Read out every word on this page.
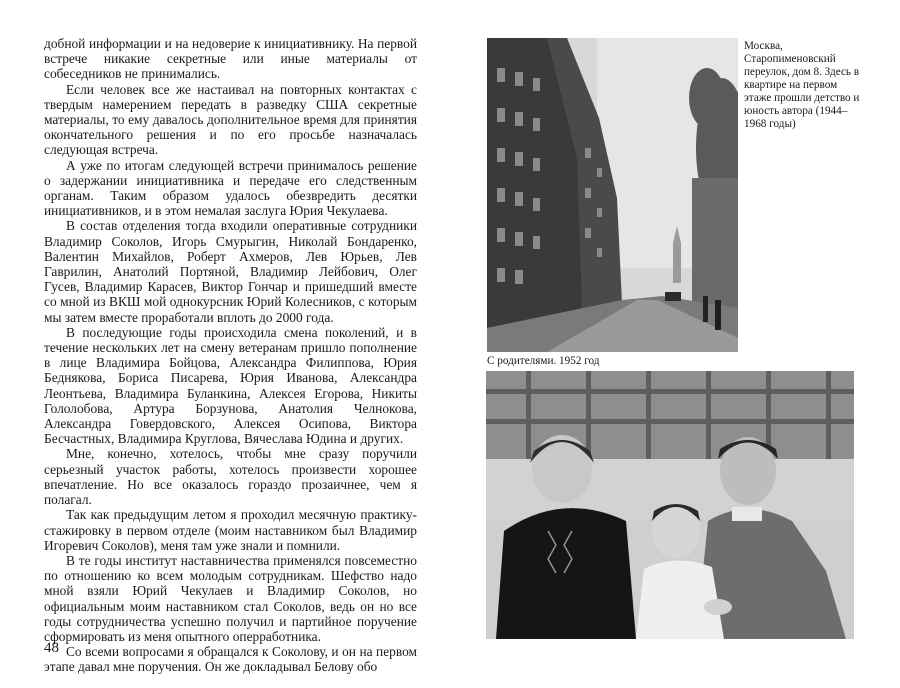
добной информации и на недоверие к инициативнику. На первой встрече никакие секретные или иные материалы от собеседников не принимались.

Если человек все же настаивал на повторных контактах с твердым намерением передать в разведку США секретные материалы, то ему давалось дополнительное время для принятия окончательного решения и по его просьбе назначалась следующая встреча.

А уже по итогам следующей встречи принималось решение о задержании инициативника и передаче его следственным органам. Таким образом удалось обезвредить десятки инициативников, и в этом немалая заслуга Юрия Чекулаева.

В состав отделения тогда входили оперативные сотрудники Владимир Соколов, Игорь Смурыгин, Николай Бондаренко, Валентин Михайлов, Роберт Ахмеров, Лев Юрьев, Лев Гаврилин, Анатолий Портяной, Владимир Лейбович, Олег Гусев, Владимир Карасев, Виктор Гончар и пришедший вместе со мной из ВКШ мой однокурсник Юрий Колесников, с которым мы затем вместе проработали вплоть до 2000 года.

В последующие годы происходила смена поколений, и в течение нескольких лет на смену ветеранам пришло пополнение в лице Владимира Бойцова, Александра Филиппова, Юрия Беднякова, Бориса Писарева, Юрия Иванова, Александра Леонтьева, Владимира Буланкина, Алексея Егорова, Никиты Гололобова, Артура Борзунова, Анатолия Челнокова, Александра Говердовского, Алексея Осипова, Виктора Бесчастных, Владимира Круглова, Вячеслава Юдина и других.

Мне, конечно, хотелось, чтобы мне сразу поручили серьезный участок работы, хотелось произвести хорошее впечатление. Но все оказалось гораздо прозаичнее, чем я полагал.

Так как предыдущим летом я проходил месячную практику-стажировку в первом отделе (моим наставником был Владимир Игоревич Соколов), меня там уже знали и помнили.

В те годы институт наставничества применялся повсеместно по отношению ко всем молодым сотрудникам. Шефство надо мной взяли Юрий Чекулаев и Владимир Соколов, но официальным моим наставником стал Соколов, ведь он но все годы сотрудничества успешно получил и партийное поручение сформировать из меня опытного оперработника.

Со всеми вопросами я обращался к Соколову, и он на первом этапе давал мне поручения. Он же докладывал Белову обо

48
Москва, Старопименовский переулок, дом 8. Здесь в квартире на первом этаже прошли детство и юность автора (1944–1968 годы)
С родителями. 1952 год
